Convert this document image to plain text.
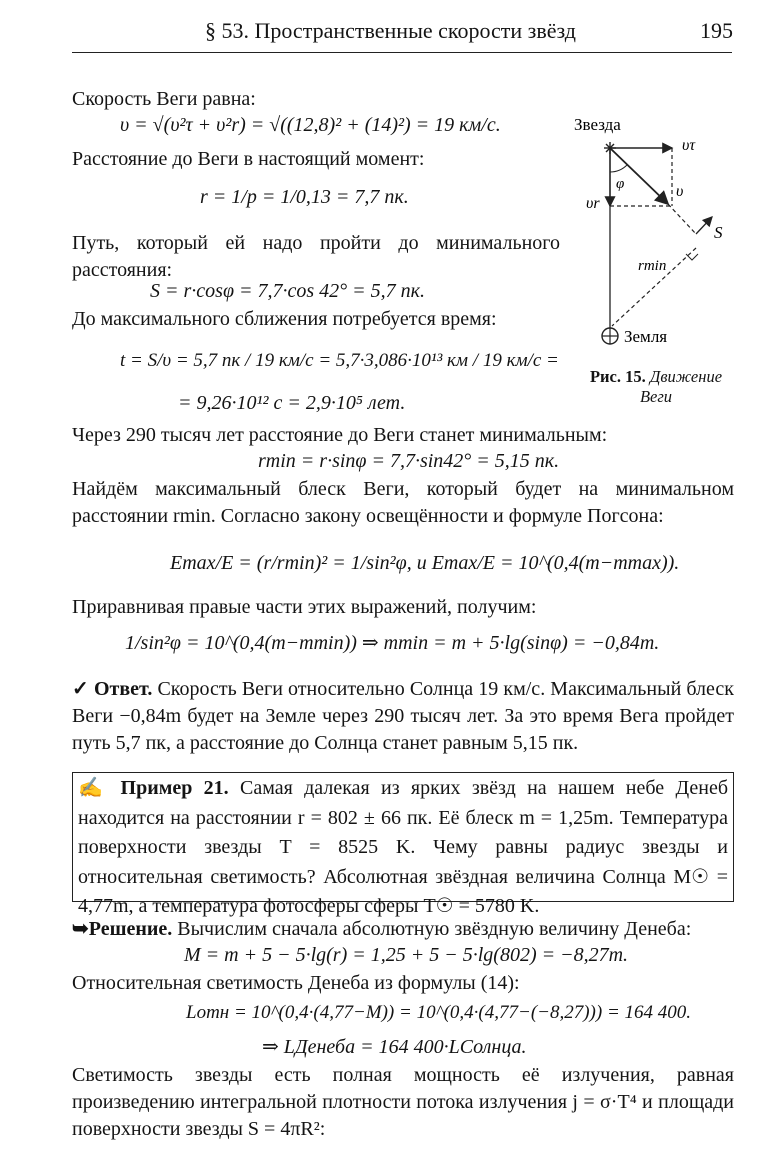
§ 53. Пространственные скорости звёзд	195
Скорость Веги равна:
υ = √(υ²τ + υ²r) = √((12,8)² + (14)²) = 19 км/с.
Расстояние до Веги в настоящий момент:
r = 1/p = 1/0,13 = 7,7 пк.
Путь, который ей надо пройти до минимального расстояния:
S = r·cosφ = 7,7·cos 42° = 5,7 пк.
До максимального сближения потребуется время:
t = S/υ = 5,7 пк / 19 км/с = 5,7·3,086·10¹³ км / 19 км/с =
= 9,26·10¹² с = 2,9·10⁵ лет.
Через 290 тысяч лет расстояние до Веги станет минимальным:
rmin = r·sinφ = 7,7·sin42° = 5,15 пк.
Найдём максимальный блеск Веги, который будет на минимальном расстоянии rmin. Согласно закону освещённости и формуле Погсона:
Emax/E = (r/rmin)² = 1/sin²φ, и Emax/E = 10^(0,4(m−mmax)).
Приравнивая правые части этих выражений, получим:
1/sin²φ = 10^(0,4(m−mmin)) ⇒ mmin = m + 5·lg(sinφ) = −0,84m.
✓ Ответ. Скорость Веги относительно Солнца 19 км/с. Максимальный блеск Веги −0,84m будет на Земле через 290 тысяч лет. За это время Вега пройдет путь 5,7 пк, а расстояние до Солнца станет равным 5,15 пк.
✍ Пример 21. Самая далекая из ярких звёзд на нашем небе Денеб находится на расстоянии r = 802 ± 66 пк. Её блеск m = 1,25m. Температура поверхности звезды T = 8525 K. Чему равны радиус звезды и относительная светимость? Абсолютная звёздная величина Солнца M☉ = 4,77m, а температура фотосферы сферы T☉ = 5780 K.
➥Решение. Вычислим сначала абсолютную звёздную величину Денеба:
M = m + 5 − 5·lg(r) = 1,25 + 5 − 5·lg(802) = −8,27m.
Относительная светимость Денеба из формулы (14):
Lотн = 10^(0,4·(4,77−M)) = 10^(0,4·(4,77−(−8,27))) = 164 400.
⇒ LДенеба = 164 400·LСолнца.
Светимость звезды есть полная мощность её излучения, равная произведению интегральной плотности потока излучения j = σ·T⁴ и площади поверхности звезды S = 4πR²:
Звезда
υτ
υr
υ
φ
S
rmin
Земля
Рис. 15. Движение Веги
